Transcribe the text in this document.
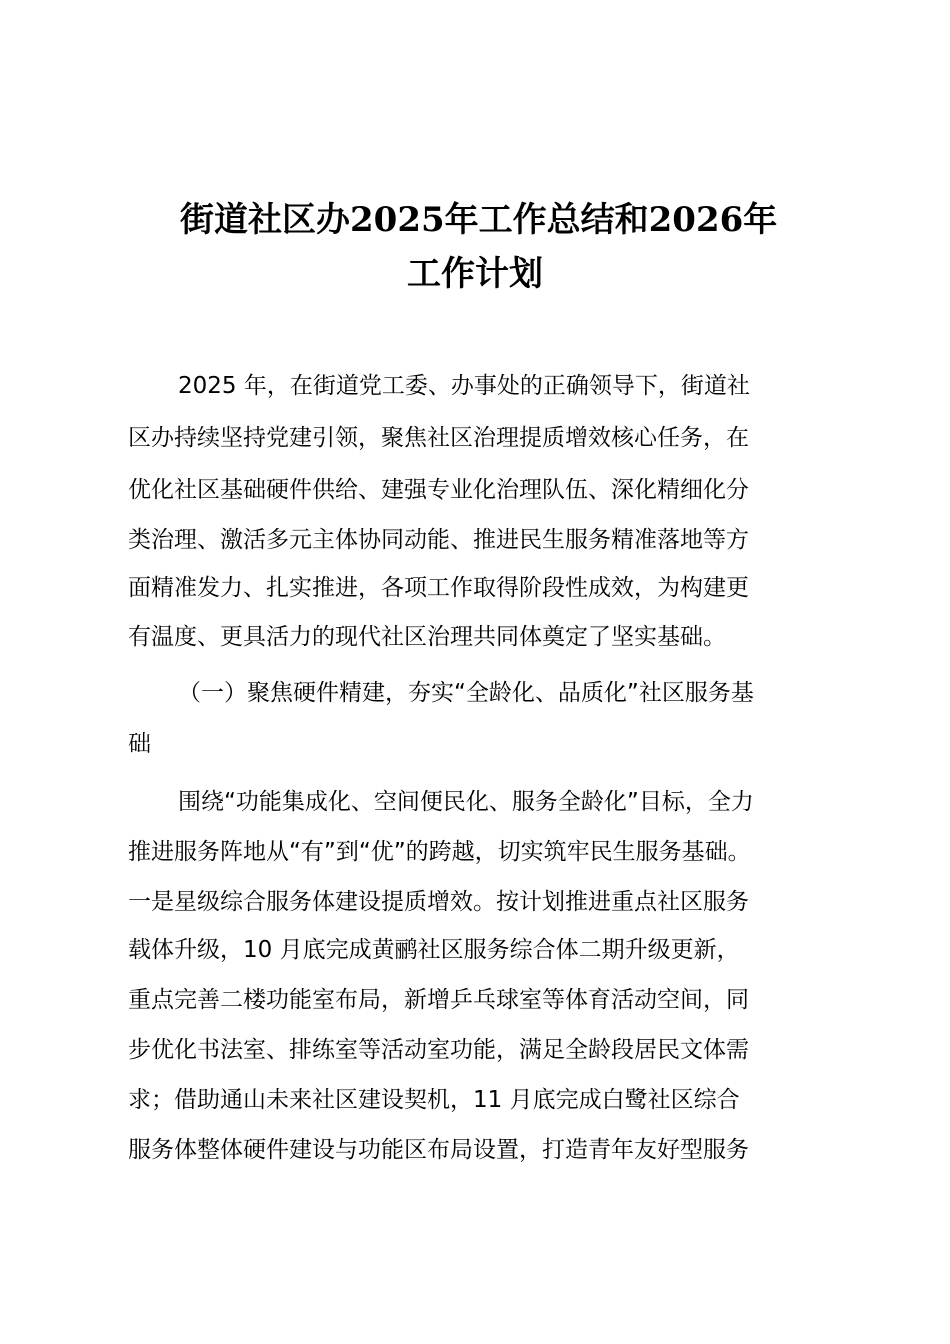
街道社区办2025年工作总结和2026年
工作计划
2025 年，在街道党工委、办事处的正确领导下，街道社
区办持续坚持党建引领，聚焦社区治理提质增效核心任务，在
优化社区基础硬件供给、建强专业化治理队伍、深化精细化分
类治理、激活多元主体协同动能、推进民生服务精准落地等方
面精准发力、扎实推进，各项工作取得阶段性成效，为构建更
有温度、更具活力的现代社区治理共同体奠定了坚实基础。
（一）聚焦硬件精建，夯实“全龄化、品质化”社区服务基
础
围绕“功能集成化、空间便民化、服务全龄化”目标，全力
推进服务阵地从“有”到“优”的跨越，切实筑牢民生服务基础。
一是星级综合服务体建设提质增效。按计划推进重点社区服务
载体升级，10 月底完成黄鹂社区服务综合体二期升级更新，
重点完善二楼功能室布局，新增乒乓球室等体育活动空间，同
步优化书法室、排练室等活动室功能，满足全龄段居民文体需
求；借助通山未来社区建设契机，11 月底完成白鹭社区综合
服务体整体硬件建设与功能区布局设置，打造青年友好型服务
